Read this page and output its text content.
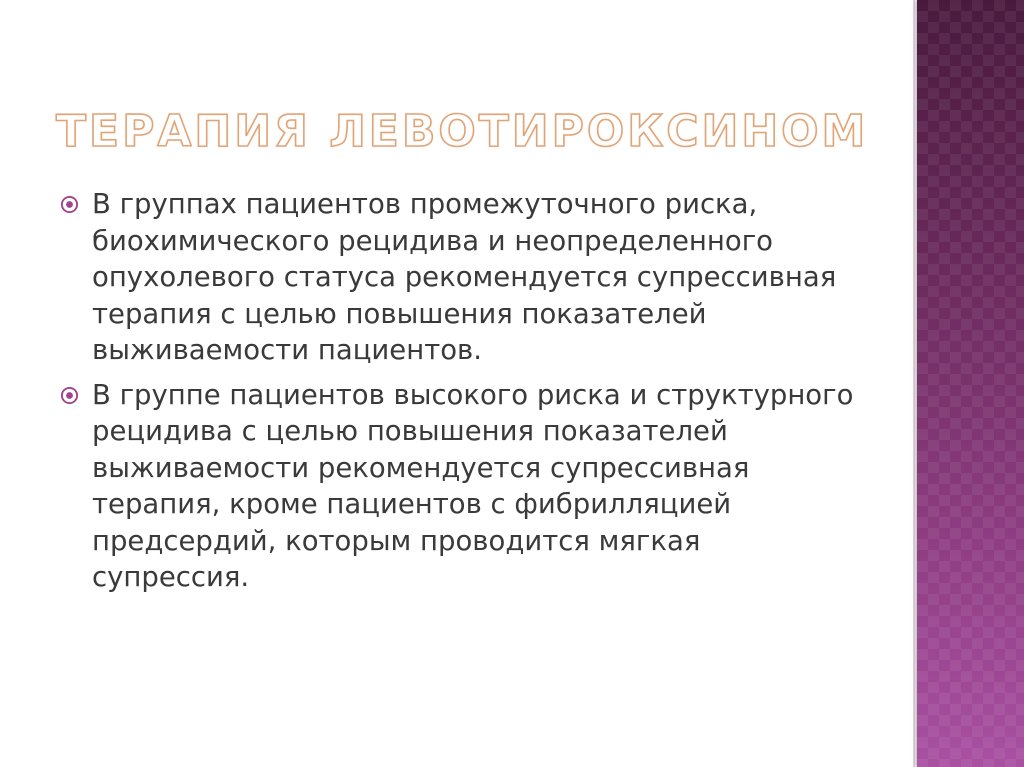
ТЕРАПИЯ ЛЕВОТИРОКСИНОМ
В группах пациентов промежуточного риска, биохимического рецидива и неопределенного опухолевого статуса рекомендуется супрессивная терапия с целью повышения показателей выживаемости пациентов.
В группе пациентов высокого риска и структурного рецидива с целью повышения показателей выживаемости рекомендуется супрессивная терапия, кроме пациентов с фибрилляцией предсердий, которым проводится мягкая супрессия.
